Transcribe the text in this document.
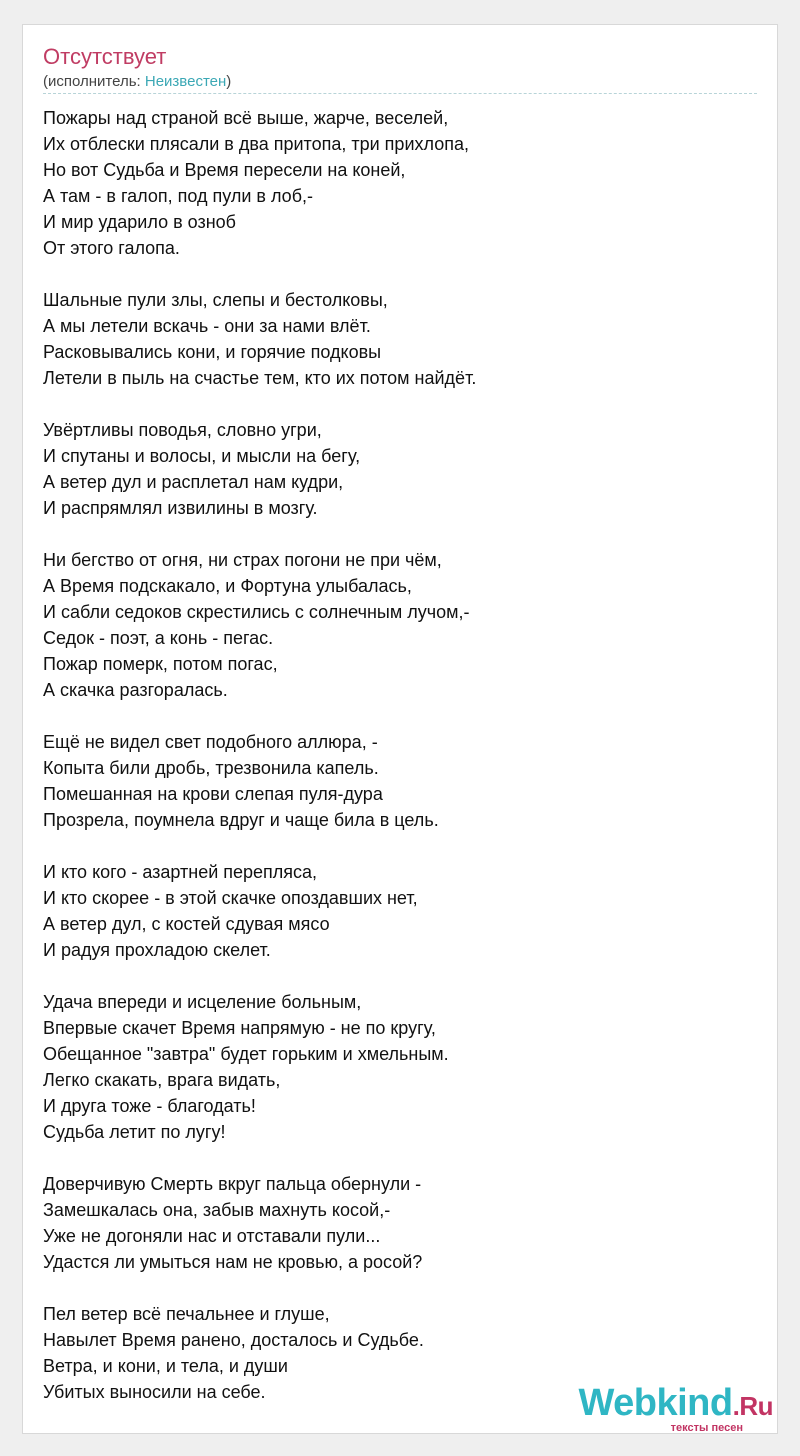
Отсутствует
(исполнитель: Неизвестен)
Пожары над страной всё выше, жарче, веселей,
Их отблески плясали в два притопа, три прихлопа,
Но вот Судьба и Время пересели на коней,
А там - в галоп, под пули в лоб,-
И мир ударило в озноб
От этого галопа.
Шальные пули злы, слепы и бестолковы,
А мы летели вскачь - они за нами влёт.
Расковывались кони, и горячие подковы
Летели в пыль на счастье тем, кто их потом найдёт.
Увёртливы поводья, словно угри,
И спутаны и волосы, и мысли на бегу,
А ветер дул и расплетал нам кудри,
И распрямлял извилины в мозгу.
Ни бегство от огня, ни страх погони не при чём,
А Время подскакало, и Фортуна улыбалась,
И сабли седоков скрестились с солнечным лучом,-
Седок - поэт, а конь - пегас.
Пожар померк, потом погас,
А скачка разгоралась.
Ещё не видел свет подобного аллюра, -
Копыта били дробь, трезвонила капель.
Помешанная на крови слепая пуля-дура
Прозрела, поумнела вдруг и чаще била в цель.
И кто кого - азартней перепляса,
И кто скорее - в этой скачке опоздавших нет,
А ветер дул, с костей сдувая мясо
И радуя прохладою скелет.
Удача впереди и исцеление больным,
Впервые скачет Время напрямую - не по кругу,
Обещанное "завтра" будет горьким и хмельным.
Легко скакать, врага видать,
И друга тоже - благодать!
Судьба летит по лугу!
Доверчивую Смерть вкруг пальца обернули -
Замешкалась она, забыв махнуть косой,-
Уже не догоняли нас и отставали пули...
Удастся ли умыться нам не кровью, а росой?
Пел ветер всё печальнее и глуше,
Навылет Время ранено, досталось и Судьбе.
Ветра, и кони, и тела, и души
Убитых выносили на себе.	Webkind.Ru
тексты песен
